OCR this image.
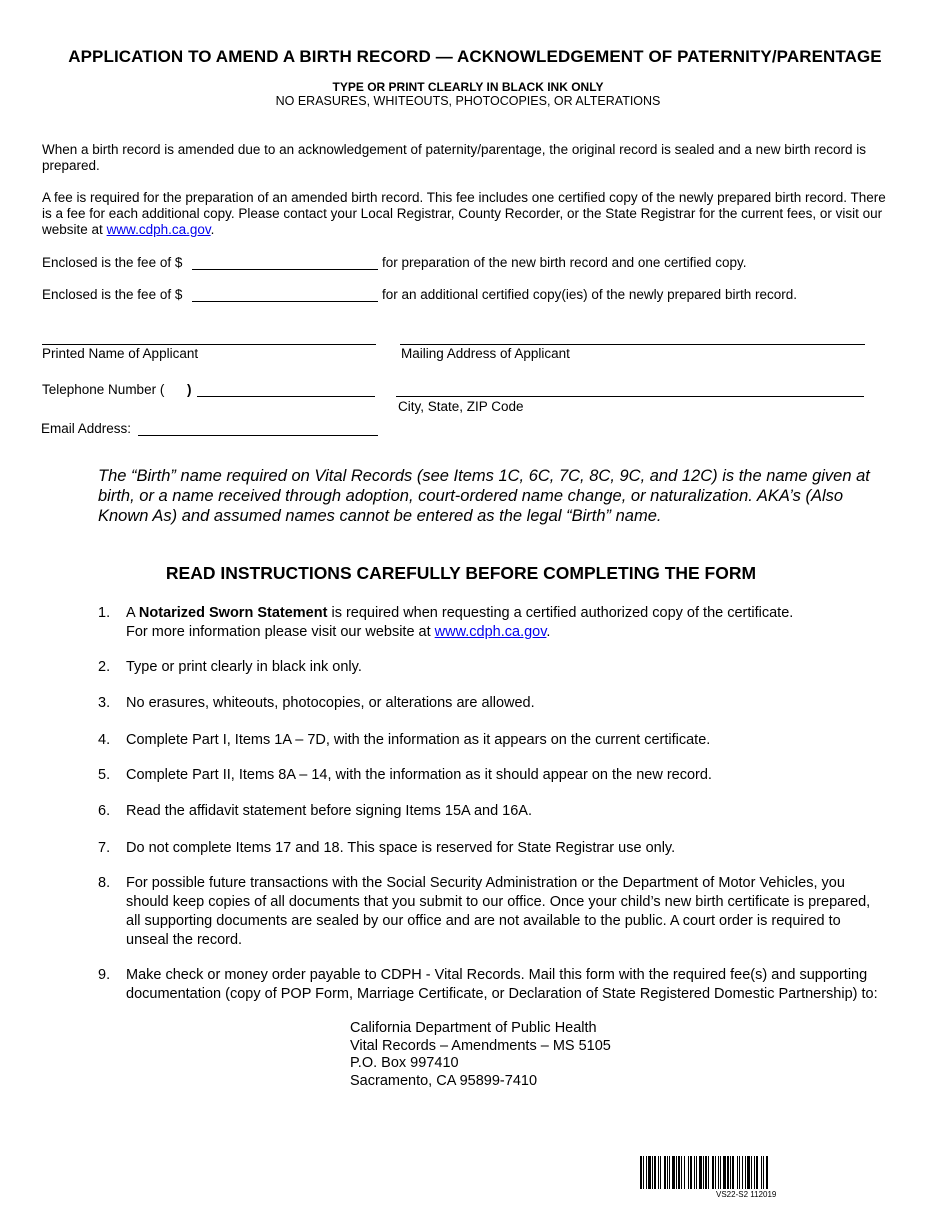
APPLICATION TO AMEND A BIRTH RECORD — ACKNOWLEDGEMENT OF PATERNITY/PARENTAGE
TYPE OR PRINT CLEARLY IN BLACK INK ONLY
NO ERASURES, WHITEOUTS, PHOTOCOPIES, OR ALTERATIONS
When a birth record is amended due to an acknowledgement of paternity/parentage, the original record is sealed and a new birth record is prepared.
A fee is required for the preparation of an amended birth record. This fee includes one certified copy of the newly prepared birth record. There is a fee for each additional copy. Please contact your Local Registrar, County Recorder, or the State Registrar for the current fees, or visit our website at www.cdph.ca.gov.
Enclosed is the fee of $	for preparation of the new birth record and one certified copy.
Enclosed is the fee of $	for an additional certified copy(ies) of the newly prepared birth record.
Printed Name of Applicant	Mailing Address of Applicant
Telephone Number ( )
City, State, ZIP Code
Email Address:
The “Birth” name required on Vital Records (see Items 1C, 6C, 7C, 8C, 9C, and 12C) is the name given at birth, or a name received through adoption, court-ordered name change, or naturalization. AKA’s (Also Known As) and assumed names cannot be entered as the legal “Birth” name.
READ INSTRUCTIONS CAREFULLY BEFORE COMPLETING THE FORM
1. A Notarized Sworn Statement is required when requesting a certified authorized copy of the certificate.
For more information please visit our website at www.cdph.ca.gov.
2. Type or print clearly in black ink only.
3. No erasures, whiteouts, photocopies, or alterations are allowed.
4. Complete Part I, Items 1A – 7D, with the information as it appears on the current certificate.
5. Complete Part II, Items 8A – 14, with the information as it should appear on the new record.
6. Read the affidavit statement before signing Items 15A and 16A.
7. Do not complete Items 17 and 18. This space is reserved for State Registrar use only.
8. For possible future transactions with the Social Security Administration or the Department of Motor Vehicles, you should keep copies of all documents that you submit to our office. Once your child’s new birth certificate is prepared, all supporting documents are sealed by our office and are not available to the public. A court order is required to unseal the record.
9. Make check or money order payable to CDPH - Vital Records. Mail this form with the required fee(s) and supporting documentation (copy of POP Form, Marriage Certificate, or Declaration of State Registered Domestic Partnership) to:
California Department of Public Health
Vital Records – Amendments – MS 5105
P.O. Box 997410
Sacramento, CA 95899-7410
VS22-S2 112019
